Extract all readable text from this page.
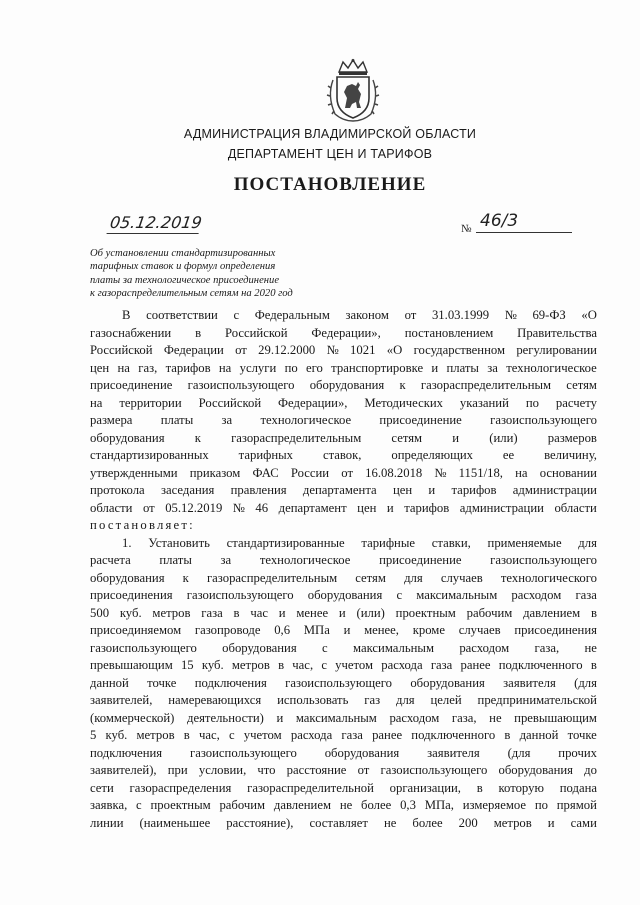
АДМИНИСТРАЦИЯ ВЛАДИМИРСКОЙ ОБЛАСТИ
ДЕПАРТАМЕНТ ЦЕН И ТАРИФОВ
ПОСТАНОВЛЕНИЕ
05.12.2019	№ 46/3
Об установлении стандартизированных
тарифных ставок и формул определения
платы за технологическое присоединение
к газораспределительным сетям на 2020 год
В соответствии с Федеральным законом от 31.03.1999 № 69-ФЗ «О
газоснабжении в Российской Федерации», постановлением Правительства
Российской Федерации от 29.12.2000 № 1021 «О государственном регулировании
цен на газ, тарифов на услуги по его транспортировке и платы за технологическое
присоединение газоиспользующего оборудования к газораспределительным сетям
на территории Российской Федерации», Методических указаний по расчету
размера платы за технологическое присоединение газоиспользующего
оборудования к газораспределительным сетям и (или) размеров
стандартизированных тарифных ставок, определяющих ее величину,
утвержденными приказом ФАС России от 16.08.2018 № 1151/18, на основании
протокола заседания правления департамента цен и тарифов администрации
области от 05.12.2019 № 46 департамент цен и тарифов администрации области
постановляет:
1. Установить стандартизированные тарифные ставки, применяемые для
расчета платы за технологическое присоединение газоиспользующего
оборудования к газораспределительным сетям для случаев технологического
присоединения газоиспользующего оборудования с максимальным расходом газа
500 куб. метров газа в час и менее и (или) проектным рабочим давлением в
присоединяемом газопроводе 0,6 МПа и менее, кроме случаев присоединения
газоиспользующего оборудования с максимальным расходом газа, не
превышающим 15 куб. метров в час, с учетом расхода газа ранее подключенного в
данной точке подключения газоиспользующего оборудования заявителя (для
заявителей, намеревающихся использовать газ для целей предпринимательской
(коммерческой) деятельности) и максимальным расходом газа, не превышающим
5 куб. метров в час, с учетом расхода газа ранее подключенного в данной точке
подключения газоиспользующего оборудования заявителя (для прочих
заявителей), при условии, что расстояние от газоиспользующего оборудования до
сети газораспределения газораспределительной организации, в которую подана
заявка, с проектным рабочим давлением не более 0,3 МПа, измеряемое по прямой
линии (наименьшее расстояние), составляет не более 200 метров и сами
